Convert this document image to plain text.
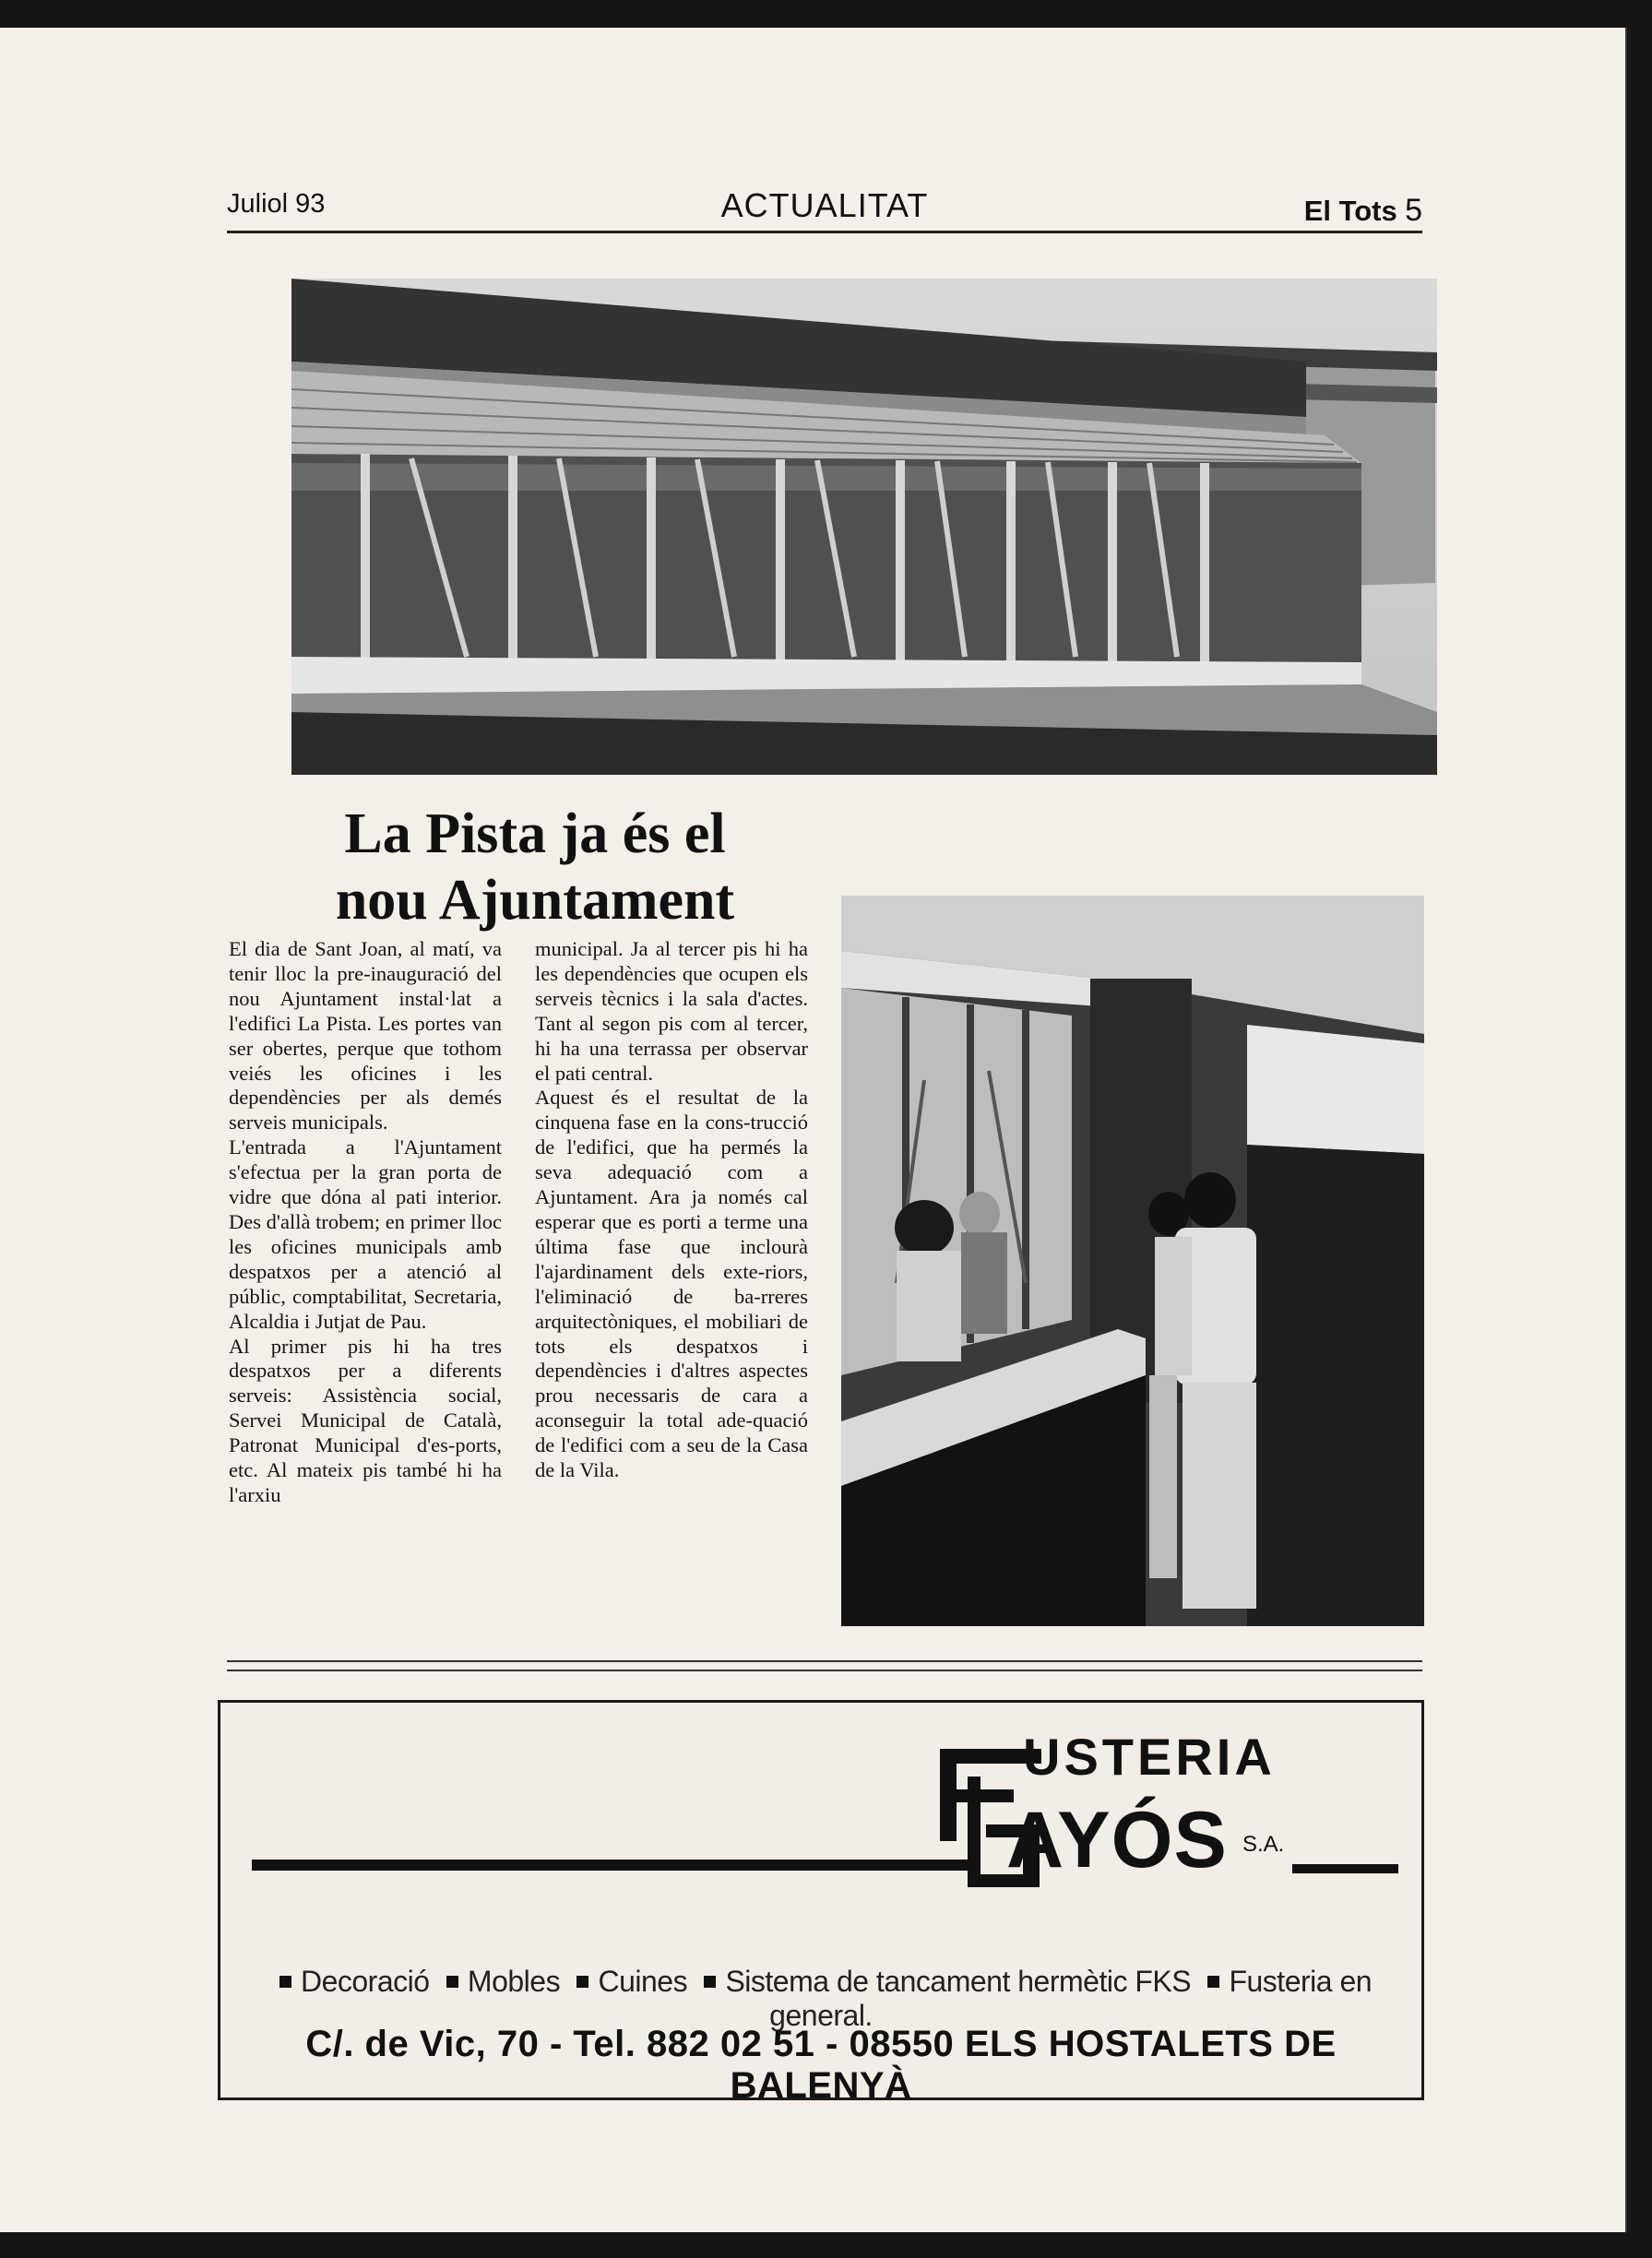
Juliol 93	ACTUALITAT	El Tots 5
La Pista ja és el
nou Ajuntament

El dia de Sant Joan, al matí, va tenir lloc la pre-inauguració del nou Ajuntament instal·lat a l'edifici La Pista. Les portes van ser obertes, perque que tothom veiés les oficines i les dependències per als demés serveis municipals.

L'entrada a l'Ajuntament s'efectua per la gran porta de vidre que dóna al pati interior. Des d'allà trobem; en primer lloc les oficines municipals amb despatxos per a atenció al públic, comptabilitat, Secretaria, Alcaldia i Jutjat de Pau.

Al primer pis hi ha tres despatxos per a diferents serveis: Assistència social, Servei Municipal de Català, Patronat Municipal d'es-ports, etc. Al mateix pis també hi ha l'arxiu

municipal. Ja al tercer pis hi ha les dependències que ocupen els serveis tècnics i la sala d'actes. Tant al segon pis com al tercer, hi ha una terrassa per observar el pati central.

Aquest és el resultat de la cinquena fase en la cons-trucció de l'edifici, que ha permés la seva adequació com a Ajuntament. Ara ja només cal esperar que es porti a terme una última fase que inclourà l'ajardinament dels exte-riors, l'eliminació de ba-rreres arquitectòniques, el mobiliari de tots els despatxos i dependències i d'altres aspectes prou necessaris de cara a aconseguir la total ade-quació de l'edifici com a seu de la Casa de la Vila.

USTERIA
AYÓS S.A.
Decoració Mobles Cuines Sistema de tancament hermètic FKS Fusteria en general.
C/. de Vic, 70 - Tel. 882 02 51 - 08550 ELS HOSTALETS DE BALENYÀ
